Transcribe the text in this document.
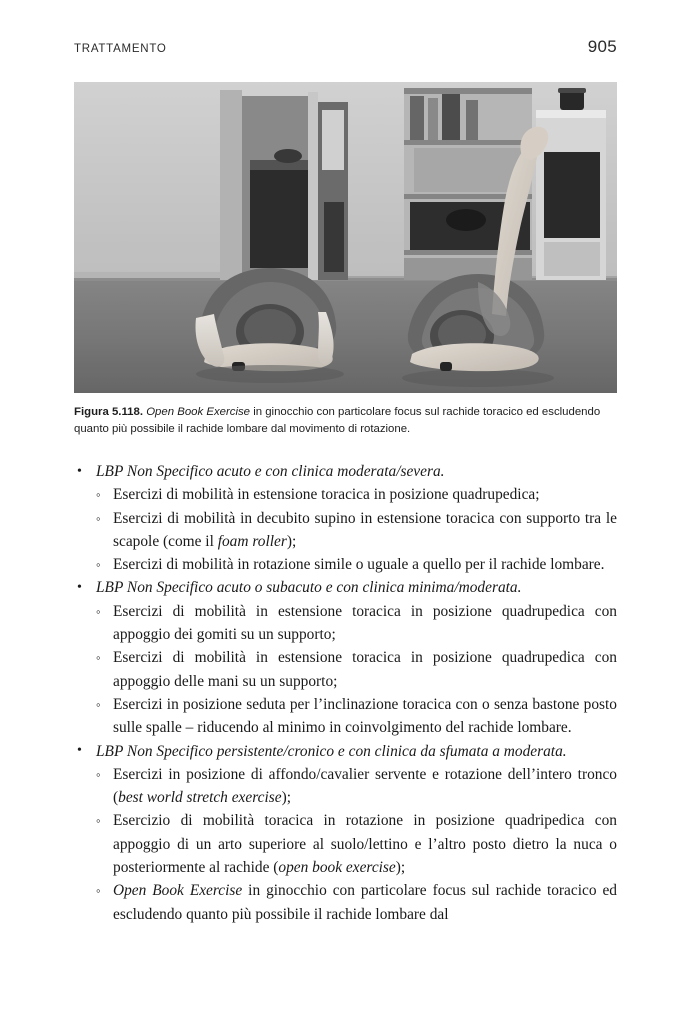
TRATTAMENTO	905
Figura 5.118. Open Book Exercise in ginocchio con particolare focus sul rachide toracico ed escludendo quanto più possibile il rachide lombare dal movimento di rotazione.
• LBP Non Specifico acuto e con clinica moderata/severa.
◦ Esercizi di mobilità in estensione toracica in posizione quadrupedica;
◦ Esercizi di mobilità in decubito supino in estensione toracica con supporto tra le scapole (come il foam roller);
◦ Esercizi di mobilità in rotazione simile o uguale a quello per il rachide lombare.
• LBP Non Specifico acuto o subacuto e con clinica minima/moderata.
◦ Esercizi di mobilità in estensione toracica in posizione quadrupedica con appoggio dei gomiti su un supporto;
◦ Esercizi di mobilità in estensione toracica in posizione quadrupedica con appoggio delle mani su un supporto;
◦ Esercizi in posizione seduta per l’inclinazione toracica con o senza bastone posto sulle spalle – riducendo al minimo in coinvolgimento del rachide lombare.
• LBP Non Specifico persistente/cronico e con clinica da sfumata a moderata.
◦ Esercizi in posizione di affondo/cavalier servente e rotazione dell’intero tronco (best world stretch exercise);
◦ Esercizio di mobilità toracica in rotazione in posizione quadripedica con appoggio di un arto superiore al suolo/lettino e l’altro posto dietro la nuca o posteriormente al rachide (open book exercise);
◦ Open Book Exercise in ginocchio con particolare focus sul rachide toracico ed escludendo quanto più possibile il rachide lombare dal
